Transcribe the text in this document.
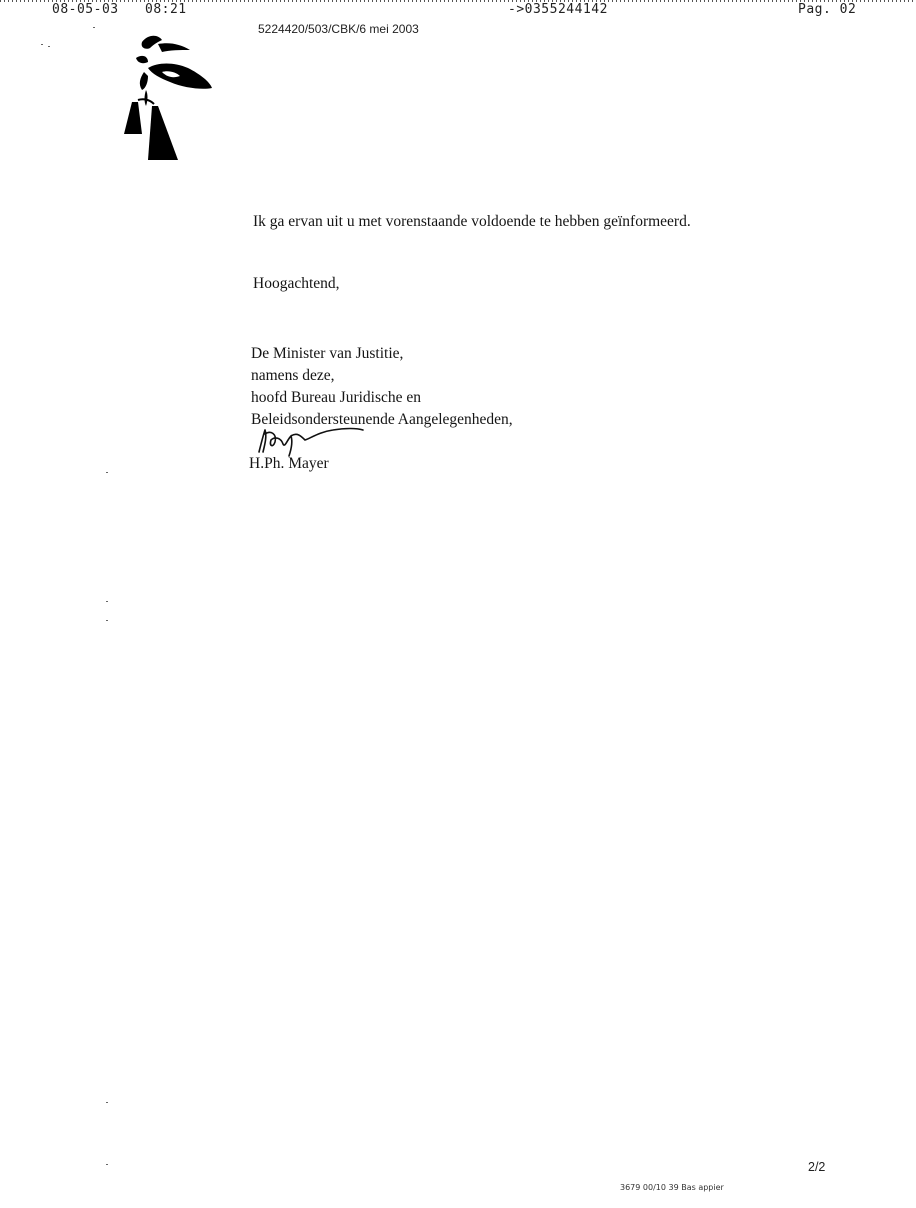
08-05-03 08:21	->0355244142	Pag. 02
5224420/503/CBK/6 mei 2003
Ik ga ervan uit u met vorenstaande voldoende te hebben geïnformeerd.
Hoogachtend,
De Minister van Justitie,
namens deze,
hoofd Bureau Juridische en
Beleidsondersteunende Aangelegenheden,
H.Ph. Mayer
2/2
3679 00/10 39 Bas appier
